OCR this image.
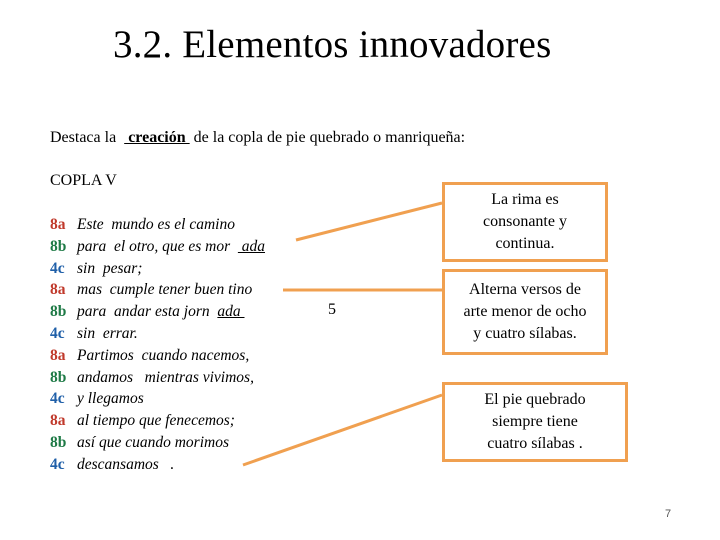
3.2. Elementos innovadores
Destaca la   creación  de la copla de pie quebrado o manriqueña:
COPLA V
8a Este  mundo es el camino
8b para  el otro, que es mor   ada
4c sin  pesar;
8a mas  cumple tener buen tino
8b para  andar esta jorn  ada
4c sin  errar.
8a Partimos  cuando nacemos,
8b andamos   mientras vivimos,
4c y llegamos
8a al tiempo que fenecemos;
8b así que cuando morimos
4c descansamos   .
5
La rima es
consonante y
continua.
Alterna versos de
arte menor de ocho
y cuatro sílabas.
El pie quebrado
siempre tiene
cuatro sílabas .
7
